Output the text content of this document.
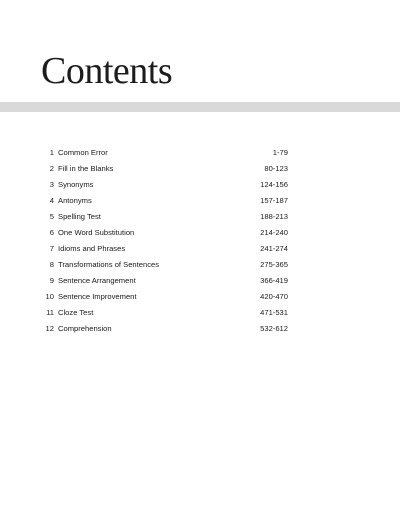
Contents
1 Common Error	1-79
2 Fill in the Blanks	80-123
3 Synonyms	124-156
4 Antonyms	157-187
5 Spelling Test	188-213
6 One Word Substitution	214-240
7 Idioms and Phrases	241-274
8 Transformations of Sentences	275-365
9 Sentence Arrangement	366-419
10 Sentence Improvement	420-470
11 Cloze Test	471-531
12 Comprehension	532-612
